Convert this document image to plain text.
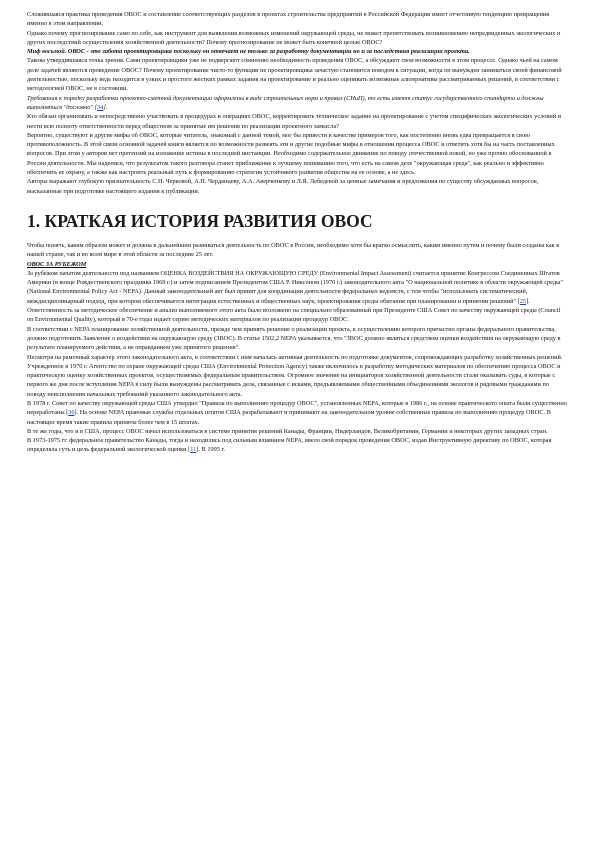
Сложившаяся практика проведения ОВОС и составление соответствующих разделов в проектах строительства предприятий в Российской Федерации имеет отчетливую тенденцию превращения именно в этом направлении.

Однако почему прогнозирование само по себе, как инструмент для выявления возможных изменений окружающей среды, не может препятствовать возникновению непредвиденных экологических и других последствий осуществления хозяйственной деятельности? Почему прогнозирование не может быть конечной целью ОВОС?

Миф восьмой. ОВОС - это забота проектировщика поскольку он отвечает не только за разработку документации но и за последствия реализации проекта.

Такова утвердившаяся точка зрения. Сами проектировщики уже не подвергают сомнению необходимость проведения ОВОС, а обсуждают свои возможности в этом процессе. Однако чьей на самом деле задачей являются проведение ОВОС? Почему проектирование чисто-то функции не проектировщика зачастую становится поводом к ситуации, когда он вынужден заниматься своей финансовой деятельностью, поскольку ведь находится в узких и простого жестких рамках задания на проектирование и реально оценивать возможные альтернативы рассматриваемых решений, в соответствии с методологией ОВОС, не в состоянии.

Требования к порядку разработки проектно-сметной документации оформлены в виде строительных норм и правил (СНиП), то есть имеют статус государственного стандарта и должны выполняться "дословно" [34].

Кто обязан организовать и непосредственно участвовать в процедурах и операциях ОВОС, корректировать техническое задание на проектирование с учетом специфических экологических условий и нести всю полноту ответственности перед обществом за принятые им решения по реализации проектного замысла?

Вероятно, существуют и другие мифы об ОВОС, которые читатель, знакомый с данной темой, мог бы привести в качестве примеров того, как постепенно вновь едва превращается в свою противоположность. В этой связи основной задачей книги является по возможности развеять эти и другие подобные мифы в отношении процесса ОВОС и ответить хотя бы на часть поставленных вопросов. При этом у авторов нет претензий на изложение истины в последней инстанции. Необходимо содержательное движение по поводу отечественной новой, но уже прочно обоснованной в России деятельности. Мы надеемся, что результатом такого разговора станет приближение к лучшему пониманию того, что есть на самом деле "окружающая среда", как реально и эффективно обеспечить ее охрану, а также как настроить реальный путь к формированию стратегии устойчивого развития общества на ее основе, а не здесь.

Авторы выражают глубокую признательность С.Н. Черковой, А.П. Черданцеву, А.А. Аверченкову и Л.Я. Лебедевой за ценные замечания и предложения по существу обсуждаемых вопросов, высказанные при подготовке настоящего издания к публикации.

1. КРАТКАЯ ИСТОРИЯ РАЗВИТИЯ ОВОС

Чтобы понять, каким образом может и должна в дальнейшем развиваться деятельность по ОВОС в России, необходимо хотя бы кратко осмыслить, каким именно путем и почему были созданы как в нашей стране, так и во всем мире в этой области за последние 25 лет.

ОВОС ЗА РУБЕЖОМ

За рубежом начатом деятельности под названием ОЦЕНКА ВОЗДЕЙСТВИЯ НА ОКРУЖАЮЩУЮ СРЕДУ (Environmental Impact Assessment) считается принятие Конгрессом Соединенных Штатов Америки (в конце Рождественского праздника 1969 г.) и затем подписанием Президентом США Р. Никсоном (1970 г.) законодательного акта "О национальной политике в области окружающей среды" (National Environmental Policy Act - NEPA). Данный законодательный акт был принят для координации деятельности федеральных ведомств, с тем чтобы "использовать систематический, междисциплинарный подход, при котором обеспечивается интеграция естественных и общественных наук, проектирования среды обитания при планировании и принятии решений" [25].

Ответственность за методическое обеспечение и анализ выполняемого этого акта было возложено на специально образованный при Президенте США Совет по качеству окружающей среды (Council on Environmental Quality), который в 70-е годы издает серию методических материалов по реализации процедур ОВОС.

В соответствии с NEPA планирование хозяйственной деятельности, прежде чем принять решение о реализации проекта, к осуществлению которого причастно органы федерального правительства, должно подготовить Заявление о воздействии на окружающую среду (ЗВОС). В статье 1502,2 NEPA указывается, что "ЗВОС должно являться средством оценки воздействия на окружающую среду в результате планируемого действия, а не оправданием уже принятого решения".

Несмотря на рамочный характер этого законодательного акта, в соответствии с ним началась активная деятельность по подготовке документов, сопровождающих разработку хозяйственных решений. Учрежденное в 1970 г. Агентство по охране окружающей среды США (Environmental Protection Agency) также включилось в разработку методических материалов по обеспечению процесса ОВОС и практическую оценку хозяйственных проектов, осуществляемых федеральным правительством. Огромное значение на инициаторов хозяйственной деятельности стали оказывать суды, в которые с первого же дня после вступления NEPA в силу были вынуждены рассматривать дела, связанные с исками, предъявляемыми общественными объединениями экологов и рядовыми гражданами по поводу неисполнения начальных требований указанного законодательного акта.

В 1978 г. Совет по качеству окружающей среды США утвердил "Правила по выполнению процедур ОВОС", установленных NEPA, которые в 1986 г., на основе практического опыта были существенно переработаны [36]. На основе NEPA правовые службы отдельных штатов США разрабатывают и принимают на законодательном уровне собственные правила по выполнению процедур ОВОС. В настоящее время такие правила приняты более чем в 15 штатах.

В те же годы, что и в США, процесс ОВОС начал использоваться в системе принятия решений Канады, Франции, Нидерландов, Великобритании, Германии и некоторых других западных стран.

В 1973-1975 гг. федеральное правительство Канады, тогда и находились под сильным влиянием NEPA, ввело свой порядок проведения ОВОС, издав Инструктивную директиву по ОВОС, которая определяла суть и цель федеральной экологической оценки [11]. В 1995 г.
